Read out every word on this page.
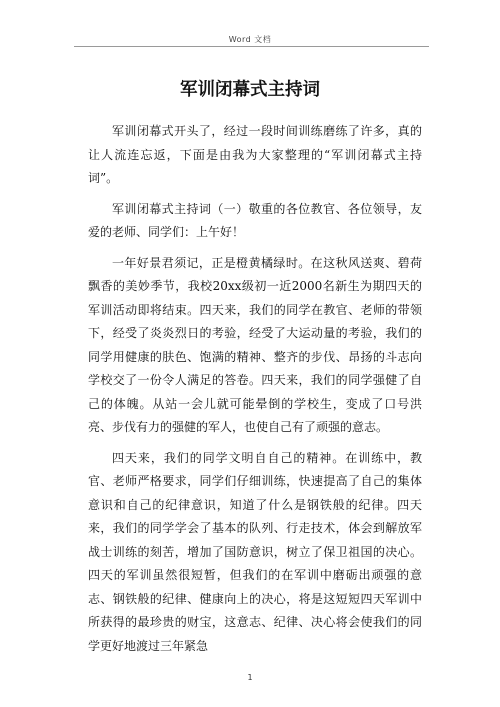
Word 文档
军训闭幕式主持词

军训闭幕式开头了，经过一段时间训练磨练了许多，真的让人流连忘返，下面是由我为大家整理的“军训闭幕式主持词”。

军训闭幕式主持词（一）敬重的各位教官、各位领导，友爱的老师、同学们：上午好！

一年好景君须记，正是橙黄橘绿时。在这秋风送爽、碧荷飘香的美妙季节，我校20xx级初一近2000名新生为期四天的军训活动即将结束。四天来，我们的同学在教官、老师的带领下，经受了炎炎烈日的考验，经受了大运动量的考验，我们的同学用健康的肤色、饱满的精神、整齐的步伐、昂扬的斗志向学校交了一份令人满足的答卷。四天来，我们的同学强健了自己的体魄。从站一会儿就可能晕倒的学校生，变成了口号洪亮、步伐有力的强健的军人，也使自己有了顽强的意志。

四天来，我们的同学文明自自己的精神。在训练中，教官、老师严格要求，同学们仔细训练，快速提高了自己的集体意识和自己的纪律意识，知道了什么是钢铁般的纪律。四天来，我们的同学学会了基本的队列、行走技术，体会到解放军战士训练的刻苦，增加了国防意识，树立了保卫祖国的决心。四天的军训虽然很短暂，但我们的在军训中磨砺出顽强的意志、钢铁般的纪律、健康向上的决心，将是这短短四天军训中所获得的最珍贵的财宝，这意志、纪律、决心将会使我们的同学更好地渡过三年紧急

1
